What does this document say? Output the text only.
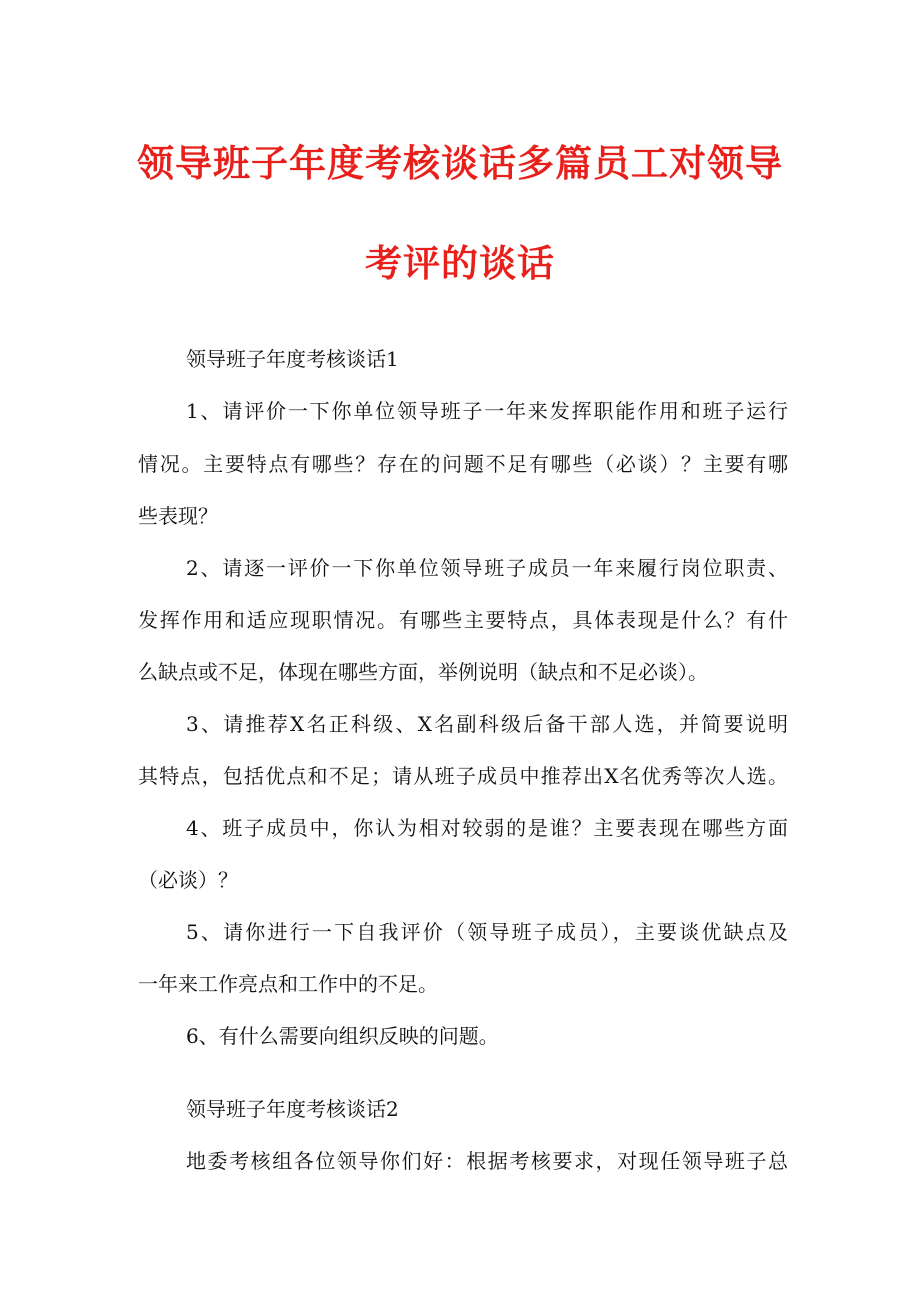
领导班子年度考核谈话多篇员工对领导
考评的谈话

领导班子年度考核谈话1

1、请评价一下你单位领导班子一年来发挥职能作用和班子运行

情况。主要特点有哪些？存在的问题不足有哪些（必谈）？主要有哪

些表现？

2、请逐一评价一下你单位领导班子成员一年来履行岗位职责、

发挥作用和适应现职情况。有哪些主要特点，具体表现是什么？有什

么缺点或不足，体现在哪些方面，举例说明（缺点和不足必谈）。

3、请推荐X名正科级、X名副科级后备干部人选，并简要说明

其特点，包括优点和不足；请从班子成员中推荐出X名优秀等次人选。

4、班子成员中，你认为相对较弱的是谁？主要表现在哪些方面

（必谈）？

5、请你进行一下自我评价（领导班子成员），主要谈优缺点及

一年来工作亮点和工作中的不足。

6、有什么需要向组织反映的问题。

领导班子年度考核谈话2

地委考核组各位领导你们好：根据考核要求，对现任领导班子总
